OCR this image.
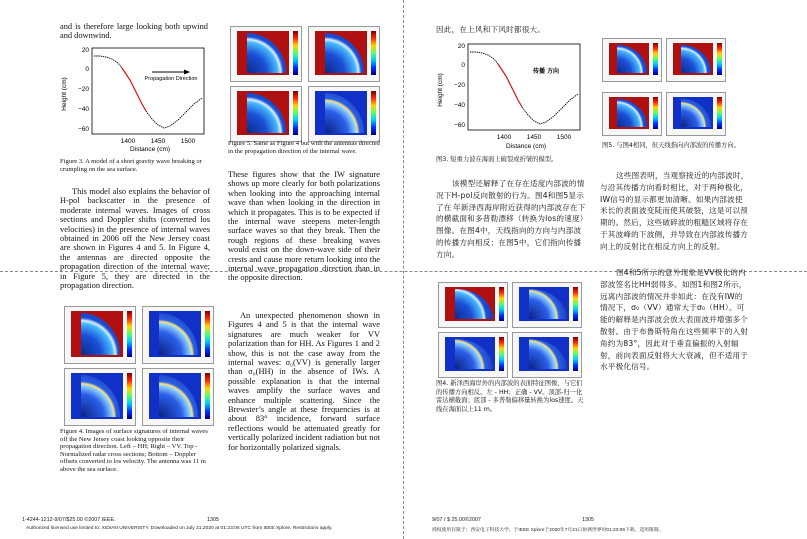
and is therefore large looking both upwind and downwind.
20
0
−20
−40
−60
1400 1450 1500
Distance (cm)
Height (cm)	Propagation Direction
Figure 3. A model of a short gravity wave breaking or crumpling on the sea surface.
This model also explains the behavior of H-pol backscatter in the presence of moderate internal waves. Images of cross sections and Doppler shifts (converted los velocities) in the presence of internal waves obtained in 2006 off the New Jersey coast are shown in Figures 4 and 5. In Figure 4, the antennas are directed opposite the propagation direction of the internal wave; in Figure 5, they are directed in the propagation direction.
Figure 4. Images of surface signatures of internal waves off the New Jersey coast looking opposite their propagation direction. Left – HH; Right – VV. Top - Normalized radar cross sections; Bottom – Doppler offsets converted to los velocity. The antenna was 11 m above the sea surface.
Figure 5. Same as Figure 4 but with the antennas directed in the propagation direction of the internal wave.
These figures show that the IW signature shows up more clearly for both polarizations when looking into the approaching internal wave than when looking in the direction in which it propagates. This is to be expected if the internal wave steepens meter-length surface waves so that they break. Then the rough regions of these breaking waves would exist on the down-wave side of their crests and cause more return looking into the internal wave propagation direction than in the opposite direction.
An unexpected phenomenon shown in Figures 4 and 5 is that the internal wave signatures are much weaker for VV polarization than for HH. As Figures 1 and 2 show, this is not the case away from the internal waves: σ₀(VV) is generally larger than σ₀(HH) in the absence of IWs. A possible explanation is that the internal waves amplify the surface waves and enhance multiple scattering. Since the Brewster’s angle at these frequencies is at about 83° incidence, forward surface reflections would be attenuated greatly for vertically polarized incident radiation but not for horizontally polarized signals.
1-4244-1212-9/07/$25.00 ©2007 IEEE.	1305
Authorized licensed use limited to: XIDIAN UNIVERSITY. Downloaded on July 21,2020 at 01:23:06 UTC from IEEE Xplore. Restrictions apply.
因此，在上风和下风时都很大。
20
0
−20
−40
−60
1400 1450 1500
Distance (cm)
Height (cm)
传播 方向
图3. 短重力波在海面上破裂或折皱的模型。
图5. 与图4相同，但天线指向内部波的传播方向。
该模型还解释了在存在适度内部波的情况下H-pol反向散射的行为。图4和图5显示了在 年新泽西海岸附近获得的内部波存在下的横截面和多普勒漂移（转换为los的速度）图像。在图4中，天线指向的方向与内部波的传播方向相反；在图5中，它们指向传播方向。
图4. 新泽西海岸外的内部波的表面特征图像，与它们的传播方向相反。左 - HH；正确 - VV。顶部-归一化雷达横截面；底部 - 多普勒偏移量转换为los速度。天线在海面以上11 m。
这些图表明，当观察接近的内部波时，与沿其传播方向看时相比，对于两种极化，IW信号的显示都更加清晰。如果内部波使米长的表面波变陡而使其破裂，这是可以预期的。然后，这些破碎波的粗糙区域将存在于其波峰的下波侧，并导致在内部波传播方向上的反射比在相反方向上的反射。
图4和5所示的意外现象是VV极化的内部波签名比HH弱得多。如图1和图2所示，远离内部波的情况并非如此：在没有IW的情况下，σ₀（VV）通常大于σ₀（HH）。可能的解释是内部波会放大表面波并增强多个散射。由于布鲁斯特角在这些频率下的入射角约为83°，因此对于垂直偏振的入射辐射，前向表面反射将大大衰减，但不适用于水平极化信号。
9/07 / $ 25.00©2007	1305
授权使用仅限于：西安电子科技大学。于IEEE Xplore于2020年7月21日协调世界时01:23:06下载。适用限制。
